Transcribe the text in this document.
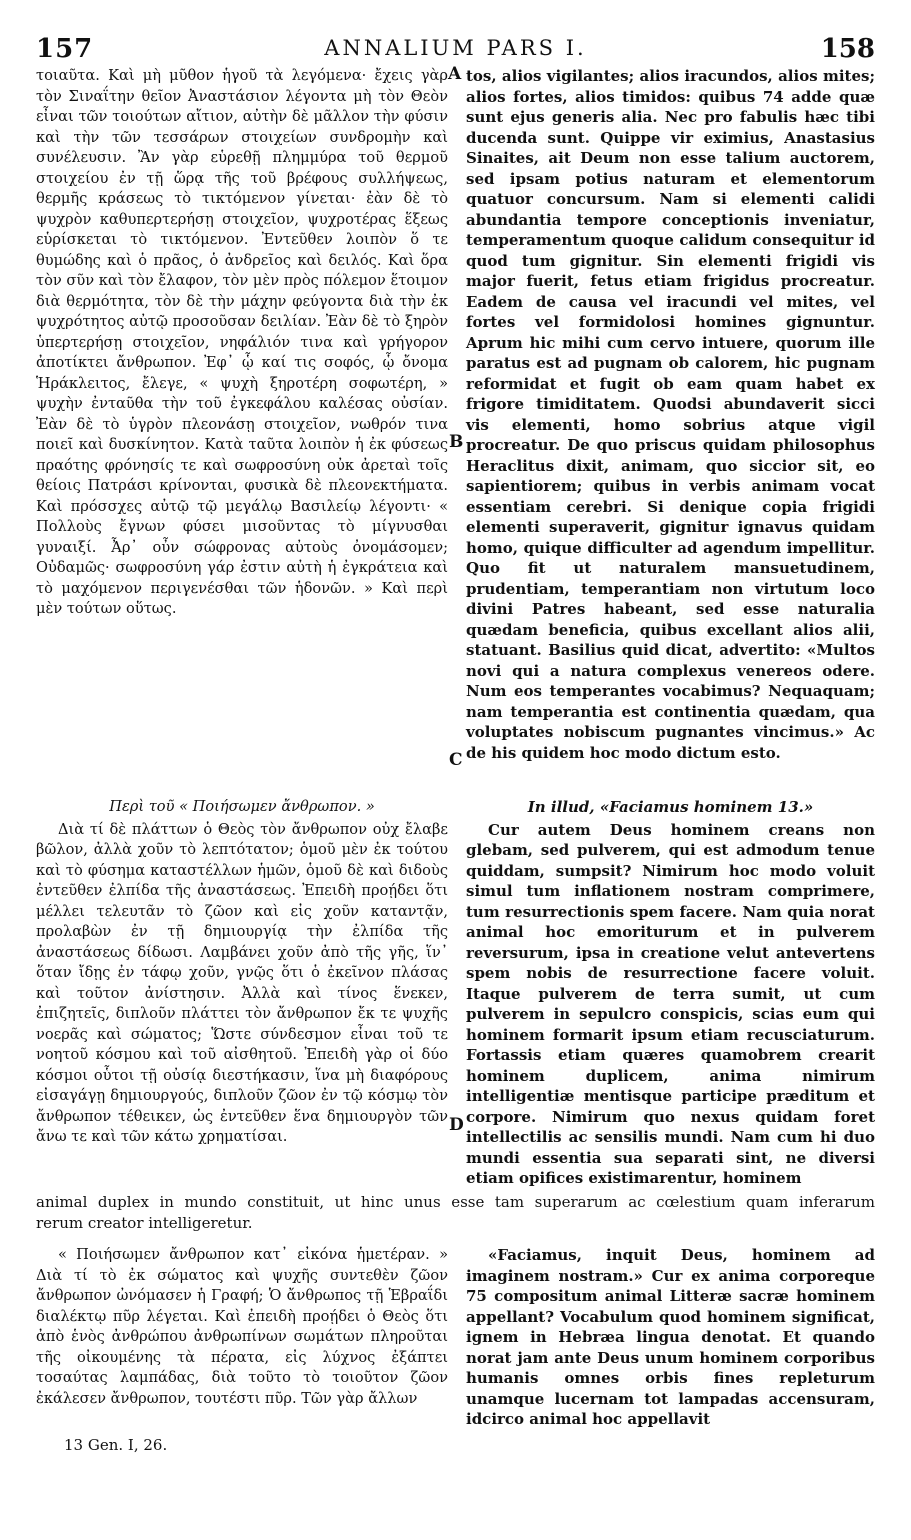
157	ANNALIUM PARS I.	158
A
B
C
D

τοιαῦτα. Καὶ μὴ μῦθον ἡγοῦ τὰ λεγόμενα· ἔχεις γὰρ τὸν Σιναΐτην θεῖον Ἀναστάσιον λέγοντα μὴ τὸν Θεὸν εἶναι τῶν τοιούτων αἴτιον, αὐτὴν δὲ μᾶλλον τὴν φύσιν καὶ τὴν τῶν τεσσάρων στοιχείων συνδρομὴν καὶ συνέλευσιν. Ἂν γὰρ εὑρεθῇ πλημμύρα τοῦ θερμοῦ στοιχείου ἐν τῇ ὥρᾳ τῆς τοῦ βρέφους συλλήψεως, θερμῆς κράσεως τὸ τικτόμενον γίνεται· ἐὰν δὲ τὸ ψυχρὸν καθυπερτερήσῃ στοιχεῖον, ψυχροτέρας ἕξεως εὑρίσκεται τὸ τικτόμενον. Ἐντεῦθεν λοιπὸν ὅ τε θυμώδης καὶ ὁ πρᾶος, ὁ ἀνδρεῖος καὶ δειλός. Καὶ ὅρα τὸν σῦν καὶ τὸν ἔλαφον, τὸν μὲν πρὸς πόλεμον ἕτοιμον διὰ θερμότητα, τὸν δὲ τὴν μάχην φεύγοντα διὰ τὴν ἐκ ψυχρότητος αὐτῷ προσοῦσαν δειλίαν. Ἐὰν δὲ τὸ ξηρὸν ὑπερτερήσῃ στοιχεῖον, νηφάλιόν τινα καὶ γρήγορον ἀποτίκτει ἄνθρωπον. Ἐφ᾽ ᾧ καί τις σοφός, ᾧ ὄνομα Ἡράκλειτος, ἔλεγε, « ψυχὴ ξηροτέρη σοφωτέρη, » ψυχὴν ἐνταῦθα τὴν τοῦ ἐγκεφάλου καλέσας οὐσίαν. Ἐὰν δὲ τὸ ὑγρὸν πλεονάσῃ στοιχεῖον, νωθρόν τινα ποιεῖ καὶ δυσκίνητον. Κατὰ ταῦτα λοιπὸν ἡ ἐκ φύσεως πραότης φρόνησίς τε καὶ σωφροσύνη οὐκ ἀρεταὶ τοῖς θείοις Πατράσι κρίνονται, φυσικὰ δὲ πλεονεκτήματα. Καὶ πρόσσχες αὐτῷ τῷ μεγάλῳ Βασιλείῳ λέγοντι· « Πολλοὺς ἔγνων φύσει μισοῦντας τὸ μίγνυσθαι γυναιξί. Ἆρ᾽ οὖν σώφρονας αὐτοὺς ὀνομάσομεν; Οὐδαμῶς· σωφροσύνη γάρ ἐστιν αὐτὴ ἡ ἐγκράτεια καὶ τὸ μαχόμενον περιγενέσθαι τῶν ἡδονῶν. » Καὶ περὶ μὲν τούτων οὕτως.

tos, alios vigilantes; alios iracundos, alios mites; alios fortes, alios timidos: quibus 74 adde quæ sunt ejus generis alia. Nec pro fabulis hæc tibi ducenda sunt. Quippe vir eximius, Anastasius Sinaites, ait Deum non esse talium auctorem, sed ipsam potius naturam et elementorum quatuor concursum. Nam si elementi calidi abundantia tempore conceptionis inveniatur, temperamentum quoque calidum consequitur id quod tum gignitur. Sin elementi frigidi vis major fuerit, fetus etiam frigidus procreatur. Eadem de causa vel iracundi vel mites, vel fortes vel formidolosi homines gignuntur. Aprum hic mihi cum cervo intuere, quorum ille paratus est ad pugnam ob calorem, hic pugnam reformidat et fugit ob eam quam habet ex frigore timiditatem. Quodsi abundaverit sicci vis elementi, homo sobrius atque vigil procreatur. De quo priscus quidam philosophus Heraclitus dixit, animam, quo siccior sit, eo sapientiorem; quibus in verbis animam vocat essentiam cerebri. Si denique copia frigidi elementi superaverit, gignitur ignavus quidam homo, quique difficulter ad agendum impellitur. Quo fit ut naturalem mansuetudinem, prudentiam, temperantiam non virtutum loco divini Patres habeant, sed esse naturalia quædam beneficia, quibus excellant alios alii, statuant. Basilius quid dicat, advertito: «Multos novi qui a natura complexus venereos odere. Num eos temperantes vocabimus? Nequaquam; nam temperantia est continentia quædam, qua voluptates nobiscum pugnantes vincimus.» Ac de his quidem hoc modo dictum esto.

Περὶ τοῦ « Ποιήσωμεν ἄνθρωπον. »

Διὰ τί δὲ πλάττων ὁ Θεὸς τὸν ἄνθρωπον οὐχ ἔλαβε βῶλον, ἀλλὰ χοῦν τὸ λεπτότατον; ὁμοῦ μὲν ἐκ τούτου καὶ τὸ φύσημα καταστέλλων ἡμῶν, ὁμοῦ δὲ καὶ διδοὺς ἐντεῦθεν ἐλπίδα τῆς ἀναστάσεως. Ἐπειδὴ προῄδει ὅτι μέλλει τελευτᾶν τὸ ζῶον καὶ εἰς χοῦν καταντᾷν, προλαβὼν ἐν τῇ δημιουργίᾳ τὴν ἐλπίδα τῆς ἀναστάσεως δίδωσι. Λαμβάνει χοῦν ἀπὸ τῆς γῆς, ἵν᾽ ὅταν ἴδῃς ἐν τάφῳ χοῦν, γνῷς ὅτι ὁ ἐκεῖνον πλάσας καὶ τοῦτον ἀνίστησιν. Ἀλλὰ καὶ τίνος ἕνεκεν, ἐπιζητεῖς, διπλοῦν πλάττει τὸν ἄνθρωπον ἔκ τε ψυχῆς νοερᾶς καὶ σώματος; Ὥστε σύνδεσμον εἶναι τοῦ τε νοητοῦ κόσμου καὶ τοῦ αἰσθητοῦ. Ἐπειδὴ γὰρ οἱ δύο κόσμοι οὗτοι τῇ οὐσίᾳ διεστήκασιν, ἵνα μὴ διαφόρους εἰσαγάγῃ δημιουργούς, διπλοῦν ζῶον ἐν τῷ κόσμῳ τὸν ἄνθρωπον τέθεικεν, ὡς ἐντεῦθεν ἕνα δημιουργὸν τῶν ἄνω τε καὶ τῶν κάτω χρηματίσαι.

In illud, «Faciamus hominem 13.»

Cur autem Deus hominem creans non glebam, sed pulverem, qui est admodum tenue quiddam, sumpsit? Nimirum hoc modo voluit simul tum inflationem nostram comprimere, tum resurrectionis spem facere. Nam quia norat animal hoc emoriturum et in pulverem reversurum, ipsa in creatione velut antevertens spem nobis de resurrectione facere voluit. Itaque pulverem de terra sumit, ut cum pulverem in sepulcro conspicis, scias eum qui hominem formarit ipsum etiam recusciaturum. Fortassis etiam quæres quamobrem crearit hominem duplicem, anima nimirum intelligentiæ mentisque participe præditum et corpore. Nimirum quo nexus quidam foret intellectilis ac sensilis mundi. Nam cum hi duo mundi essentia sua separati sint, ne diversi etiam opifices existimarentur, hominem

animal duplex in mundo constituit, ut hinc unus esse tam superarum ac cœlestium quam inferarum

rerum creator intelligeretur.

« Ποιήσωμεν ἄνθρωπον κατ᾽ εἰκόνα ἡμετέραν. » Διὰ τί τὸ ἐκ σώματος καὶ ψυχῆς συντεθὲν ζῶον ἄνθρωπον ὠνόμασεν ἡ Γραφή; Ὁ ἄνθρωπος τῇ Ἑβραΐδι διαλέκτῳ πῦρ λέγεται. Καὶ ἐπειδὴ προῄδει ὁ Θεὸς ὅτι ἀπὸ ἑνὸς ἀνθρώπου ἀνθρωπίνων σωμάτων πληροῦται τῆς οἰκουμένης τὰ πέρατα, εἰς λύχνος ἐξάπτει τοσαύτας λαμπάδας, διὰ τοῦτο τὸ τοιοῦτον ζῶον ἐκάλεσεν ἄνθρωπον, τουτέστι πῦρ. Τῶν γὰρ ἄλλων

«Faciamus, inquit Deus, hominem ad imaginem nostram.» Cur ex anima corporeque 75 compositum animal Litteræ sacræ hominem appellant? Vocabulum quod hominem significat, ignem in Hebræa lingua denotat. Et quando norat jam ante Deus unum hominem corporibus humanis omnes orbis fines repleturum unamque lucernam tot lampadas accensuram, idcirco animal hoc appellavit

13 Gen. I, 26.
